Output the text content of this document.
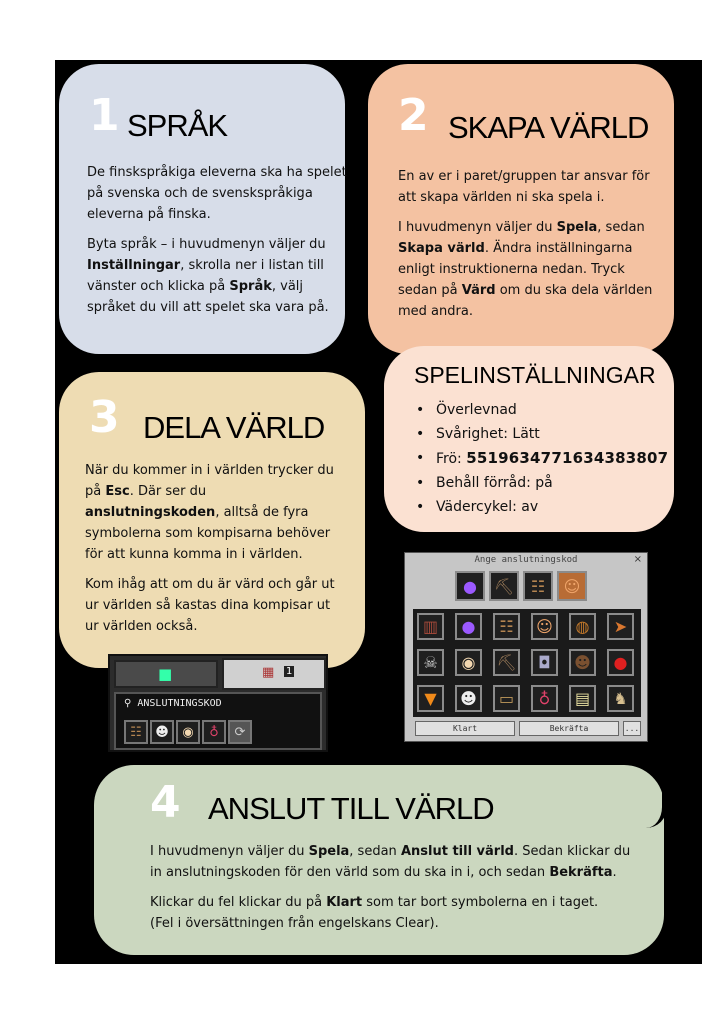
1 SPRÅK

De finskspråkiga eleverna ska ha spelet på svenska och de svenskspråkiga eleverna på finska.

Byta språk – i huvudmenyn väljer du Inställningar, skrolla ner i listan till vänster och klicka på Språk, välj språket du vill att spelet ska vara på.

2 SKAPA VÄRLD

En av er i paret/gruppen tar ansvar för att skapa världen ni ska spela i.

I huvudmenyn väljer du Spela, sedan Skapa värld. Ändra inställningarna enligt instruktionerna nedan. Tryck sedan på Värd om du ska dela världen med andra.

SPELINSTÄLLNINGAR
• Överlevnad
• Svårighet: Lätt
• Frö: 5519634771634383807
• Behåll förråd: på
• Vädercykel: av
3 DELA VÄRLD

När du kommer in i världen trycker du på Esc. Där ser du anslutningskoden, alltså de fyra symbolerna som kompisarna behöver för att kunna komma in i världen.

Kom ihåg att om du är värd och går ut ur världen så kastas dina kompisar ut ur världen också.

■	▦ 1
⚲ ANSLUTNINGSKOD
☷	☻	◉	♁	⟳
Ange anslutningskod	×
●	⛏	☷	☺
▥	●	☷	☺	◍	➤
☠	◉	⛏	◘	☻	●
▼	☻	▭	♁	▤	♞
Klart	Bekräfta	...
4 ANSLUT TILL VÄRLD

I huvudmenyn väljer du Spela, sedan Anslut till värld. Sedan klickar du in anslutningskoden för den värld som du ska in i, och sedan Bekräfta.

Klickar du fel klickar du på Klart som tar bort symbolerna en i taget.

(Fel i översättningen från engelskans Clear).
